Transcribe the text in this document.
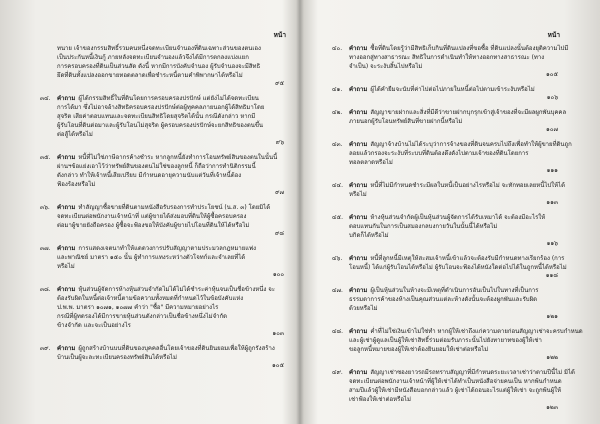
หน้า
ทนาย เจ้าของกรรมสิทธิ์รวมคนหนึ่งจดทะเบียนจำนองที่ดินเฉพาะส่วนของตนเอง
เป็นประกันหนี้เงินกู้ ภายหลังจดทะเบียนจำนองแล้วจึงได้มีการตกลงแบ่งแยก
การครอบครองที่ดินเป็นส่วนสัด ดังนี้ หากมีการบังคับจำนอง ผู้รับจำนองจะมีสิทธิ
ยึดที่ดินทั้งแปลงออกขายทอดตลาดเพื่อชำระหนี้ตามคำพิพากษาได้หรือไม่
๙๕
๓๔.	คำถาม ผู้ได้กรรมสิทธิ์ในที่ดินโดยการครอบครองปรปักษ์ แต่ยังไม่ได้จดทะเบียน
การได้มา ซึ่งไม่อาจอ้างสิทธิครอบครองปรปักษ์ต่อผู้ทุคคลภายนอกผู้ได้สิทธิมาโดย
สุจริต เสียค่าตอบแทนและจดทะเบียนสิทธิโดยสุจริตได้นั้น กรณีดังกล่าว หากมี
ผู้รับโอนที่ดินต่อมาและผู้รับโอนไม่สุจริต ผู้ครอบครองปรปักษ์จะยกสิทธิของตนขึ้น
ต่อสู้ได้หรือไม่
๙๖
๓๕.	คำถาม หนี้ที่ไม่ใช่ภาษีอากรค้างชำระ หากลูกหนี้ยังทำการโอนทรัพย์สินของตนในนั้นนี้
ผ่านฯข้อแย่งเอาไว้ว่าทรัพย์สินของตนไม่ใช่ของลูกหนี้ ก็ถือว่าการทำนิติกรรมนี้
ดังกล่าว ทำให้เจ้าหนี้เสียเปรียบ มีกำหนดอายุความนับแต่วันที่เจ้าหนี้ต้อง
ฟ้องร้องหรือไม่
๙๗
๓๖.	คำถาม ทำสัญญาซื้อขายที่ดินตามหนังสือรับรองการทำประโยชน์ (น.ส. ๓) โดยมิได้
จดทะเบียนต่อพนักงานเจ้าหน้าที่ แต่ผู้ขายได้ส่งมอบที่ดินให้ผู้ซื้อครอบครอง
ต่อมาผู้ขายยังถือครอง ผู้ซื้อจะฟ้องขอให้บังคับผู้ขายไปโอนที่ดินให้ได้หรือไม่
๙๘
๓๗.	คำถาม การแสดงเจตนาทำให้แดดวงการปรับสัญญาตามประมวลกฎหมายแพ่ง
และพาณิชย์ มาตรา ๑๕๐ นั้น ผู้ทำการแทงระหว่างตัวโจทก์และจำเลยที่ได้
หรือไม่
๑๐๐
๓๘.	คำถาม หุ้นส่วนผู้จัดการห้างหุ้นส่วนจำกัดไม่ได้ไม่ได้ชำระค่าหุ้นจนเป็นชื่อข้างหนึ่ง จะ
ต้องรับผิดในหนี้ต่อเจ้าหนี้ตามข้อความทั้งหมดที่กำหนดไว้ในข้อบังคับแห่ง
ป.พ.พ. มาตรา ๑๐๗๑, ๑๐๗๗ คำว่า "ซื้อ" มีความหมายอย่างไร
กรณีที่ผู้ทดรองได้มีการขายหุ้นส่วนดังกล่าวเป็นชื่อข้างหนึ่งไม่จำกัด
ข้างจำกัด และจะเป็นอย่างไร
๑๐๓
๓๙.	คำถาม ผู้ถูกสร้างบ้านบนที่ดินของบุคคลอื่นโดยเจ้าของที่ดินยินยอมเพื่อให้ผู้ถูกรังสร้าง
บ้านเป็นผู้จะละทะเบียนครองทรัพย์สินได้หรือไม่
๑๐๕
หน้า
๔๐.	คำถาม ซื้อที่ดินโดยรู้ว่ามีสิทธิเก็บกินที่ดินแปลงที่ขอซื้อ ที่ดินแปลงนั้นต้องยุติความไปมี
ทางออกสู่ทางสาธารณะ สิทธิในการดำเนินทำให้ทางออกทางสาธารณะ (ทาง
จำเป็น) จะระงับสิ้นไปหรือไม่
๑๐๕
๔๑.	คำถาม ผู้ได้คำยืมจะนับที่ค่าไปต่อไปภายในหนี้ต่อไปตามเข้าระงับหรือไม่
๑๐๖
๔๒.	คำถาม สัญญาขายฝากและสิ่งที่มีดีว่าขายฝากบุกรุกเข้าสู่เจ้าของที่จะมีผลผูกพันบุคคล
ภายนอกผู้รับโอนทรัพย์สินที่ขายฝากนี้หรือไม่
๑๐๗
๔๓.	คำถาม สัญญาจ้างบ้านไม่ได้ระบุว่าการจ้างของที่ดินจนครบไปถึงเพื่อทำให้ผู้ขายที่ดินถูก
ลอยแล้วกรองจะระงับที่ระบบที่ดินต้องดึงดังไปตามเจ้าของที่ดินโดยการ
ทอลตลาดหรือไม่
๑๑๑
๔๔.	คำถาม หนี้ที่ไม่มีกำหนดชำระมีผลในหนี้เป็นอย่างไรหรือไม่ จะทักทอยเลยหนี้ไปให้ได้
หรือไม่
๑๑๓
๔๕.	คำถาม ห้างหุ้นส่วนจำกัดผู้เป็นหุ้นส่วนผู้จัดการได้รับเหมาได้ จะต้องมีอะไรให้
ตอบแทนกันในการเป็นสมองกลบงกายวันในนั้นนี้ได้หรือไม่
บกิดก็ได้หรือไม่
๑๑๖
๔๖.	คำถาม หนี้ที่ลูกหนี้มีเหตุให้สะสมเจ้าหนี้เข้าแล้วจะต้องรับมีกำหนดทางเรียกร้อง (การ
โอนหนี้) ได้แก่ผู้รับโอนได้หรือไม่ ผู้รับโอนจะฟ้องได้หนังใดต่อไปได้ในถูกหนี้ได้หรือไม่
๑๑๘
๔๗.	คำถาม ผู้เป็นหุ้นส่วนในห้างจะมีเหตุที่ดำเนินการอันเป็นไปในทางที่เป็นการ
ธรรมดาการค้าของห้างเป็นคุณส่วนแต่ละห้างดังนั้นจะต้องผูกพันและรับผิด
ด้วยหรือไม่
๑๒๑
๔๘. คำถาม ค่ำที่ไม่ใช่เงินเข้าไม่ใช่ทำ หากผู้ให้เช่าถึงแก่ความตายก่อนสัญญาเช่าจะครบกำหนด
และผู้เช่าผู้ดูแลเป็นผู้ให้เช่าสิทธิ์ร่วมต่อมรับภาระนั้นไปยังทายาทของผู้ให้เช่า
ขอลูกหนี้หมายของผู้ให้เช่าต้องยินยอมให้เช่าต่อหรือไม่
๑๒๒
๔๙.	คำถาม สัญญาเช่าซองยาวรถมีรถทราบสัญญาที่มีกำหนดระยะเวลาเช่าว่าตามปีนี้ไม่ มิได้
จดทะเบียนต่อพนักงานเจ้าหน้าที่ผู้ให้เช่าได้ทำเป็นหนังสือจ่ายคนเป็น หากพ้นกำหนด
สามปีแล้วผู้ให้เช่ามีหนังสือบอกกล่าวแล้ว ผู้เช่าได้ถอนอะไรแต่ผู้ให้เช่า จะถูกพ้นผู้ให้
เช่าฟ้องให้เช่าต่อหรือไม่
๑๒๓
